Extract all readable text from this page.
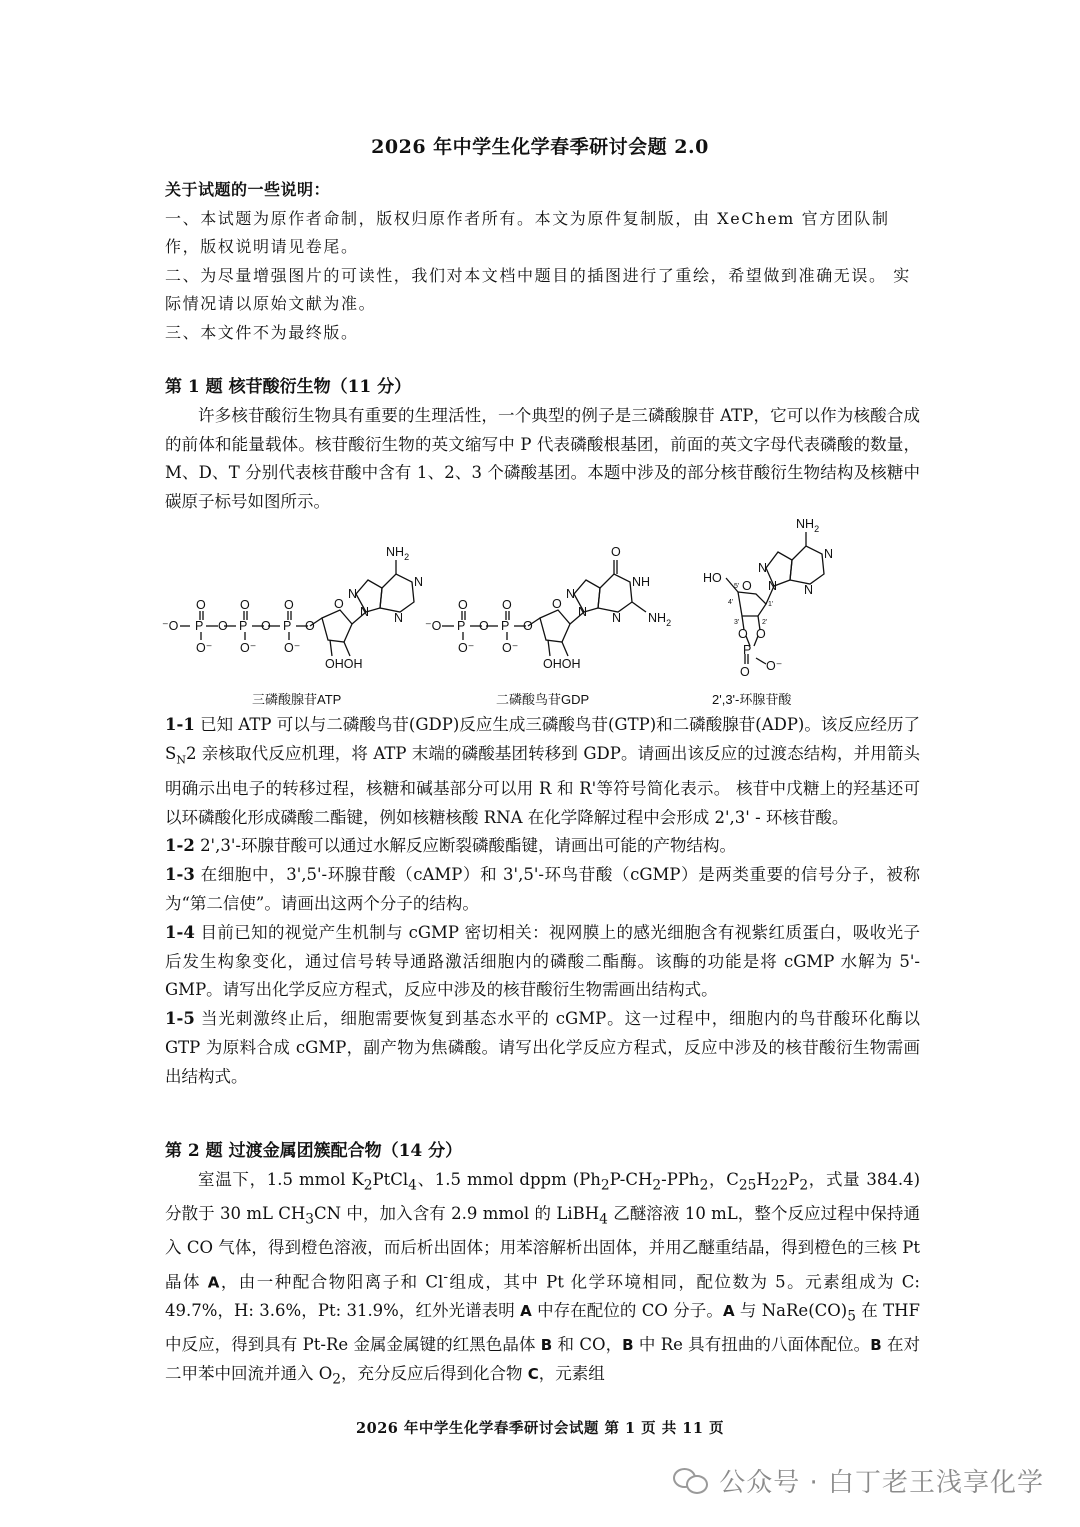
2026 年中学生化学春季研讨会题 2.0
关于试题的一些说明：
一、本试题为原作者命制，版权归原作者所有。本文为原件复制版，由 XeChem 官方团队制作，版权说明请见卷尾。
二、为尽量增强图片的可读性，我们对本文档中题目的插图进行了重绘，希望做到准确无误。 实际情况请以原始文献为准。
三、本文件不为最终版。
第 1 题 核苷酸衍生物（11 分）

许多核苷酸衍生物具有重要的生理活性，一个典型的例子是三磷酸腺苷 ATP，它可以作为核酸合成的前体和能量载体。核苷酸衍生物的英文缩写中 P 代表磷酸根基团，前面的英文字母代表磷酸的数量，M、D、T 分别代表核苷酸中含有 1、2、3 个磷酸基团。本题中涉及的部分核苷酸衍生物结构及核糖中碳原子标号如图所示。

⁻O P O P O P O
O	O	O
O⁻ O⁻ O⁻
O
OHOH
N
N
N
N
$NH_2$
⁻O P O P O
O	O
O⁻ O⁻
O
OHOH
N
N
NH
N
O
$NH_2$
HO
O
5'
4'	1'
2'
3'
O O
P
O O⁻
N
N
N
N
$NH_2$
三磷酸腺苷ATP	二磷酸鸟苷GDP	2',3'-环腺苷酸

1-1 已知 ATP 可以与二磷酸鸟苷(GDP)反应生成三磷酸鸟苷(GTP)和二磷酸腺苷(ADP)。该反应经历了 $S_N2$ 亲核取代反应机理，将 ATP 末端的磷酸基团转移到 GDP。请画出该反应的过渡态结构，并用箭头明确示出电子的转移过程，核糖和碱基部分可以用 R 和 R'等符号简化表示。 核苷中戊糖上的羟基还可以环磷酸化形成磷酸二酯键，例如核糖核酸 RNA 在化学降解过程中会形成 2',3' - 环核苷酸。

1-2 2',3'-环腺苷酸可以通过水解反应断裂磷酸酯键，请画出可能的产物结构。

1-3 在细胞中，3',5'-环腺苷酸（cAMP）和 3',5'-环鸟苷酸（cGMP）是两类重要的信号分子，被称为“第二信使”。请画出这两个分子的结构。

1-4 目前已知的视觉产生机制与 cGMP 密切相关：视网膜上的感光细胞含有视紫红质蛋白，吸收光子后发生构象变化，通过信号转导通路激活细胞内的磷酸二酯酶。该酶的功能是将 cGMP 水解为 5'-GMP。请写出化学反应方程式，反应中涉及的核苷酸衍生物需画出结构式。

1-5 当光刺激终止后，细胞需要恢复到基态水平的 cGMP。这一过程中，细胞内的鸟苷酸环化酶以 GTP 为原料合成 cGMP，副产物为焦磷酸。请写出化学反应方程式，反应中涉及的核苷酸衍生物需画出结构式。

第 2 题 过渡金属团簇配合物（14 分）

室温下，1.5 mmol $K_2PtCl_4$、1.5 mmol dppm ($Ph_2P-CH_2-PPh_2$，$C_{25}H_{22}P_2$，式量 384.4)分散于 30 mL $CH_3CN$ 中，加入含有 2.9 mmol 的 LiBH$_4$ 乙醚溶液 10 mL，整个反应过程中保持通入 CO 气体，得到橙色溶液，而后析出固体；用苯溶解析出固体，并用乙醚重结晶，得到橙色的三核 Pt 晶体 A，由一种配合物阳离子和 Cl-组成，其中 Pt 化学环境相同，配位数为 5。元素组成为 C: 49.7%，H: 3.6%，Pt: 31.9%，红外光谱表明 A 中存在配位的 CO 分子。A 与 $NaRe(CO)_5$ 在 THF 中反应，得到具有 Pt-Re 金属金属键的红黑色晶体 B 和 CO，B 中 Re 具有扭曲的八面体配位。B 在对二甲苯中回流并通入 $O_2$，充分反应后得到化合物 C，元素组

2026 年中学生化学春季研讨会试题 第 1 页 共 11 页
公众号 · 白丁老王浅享化学
